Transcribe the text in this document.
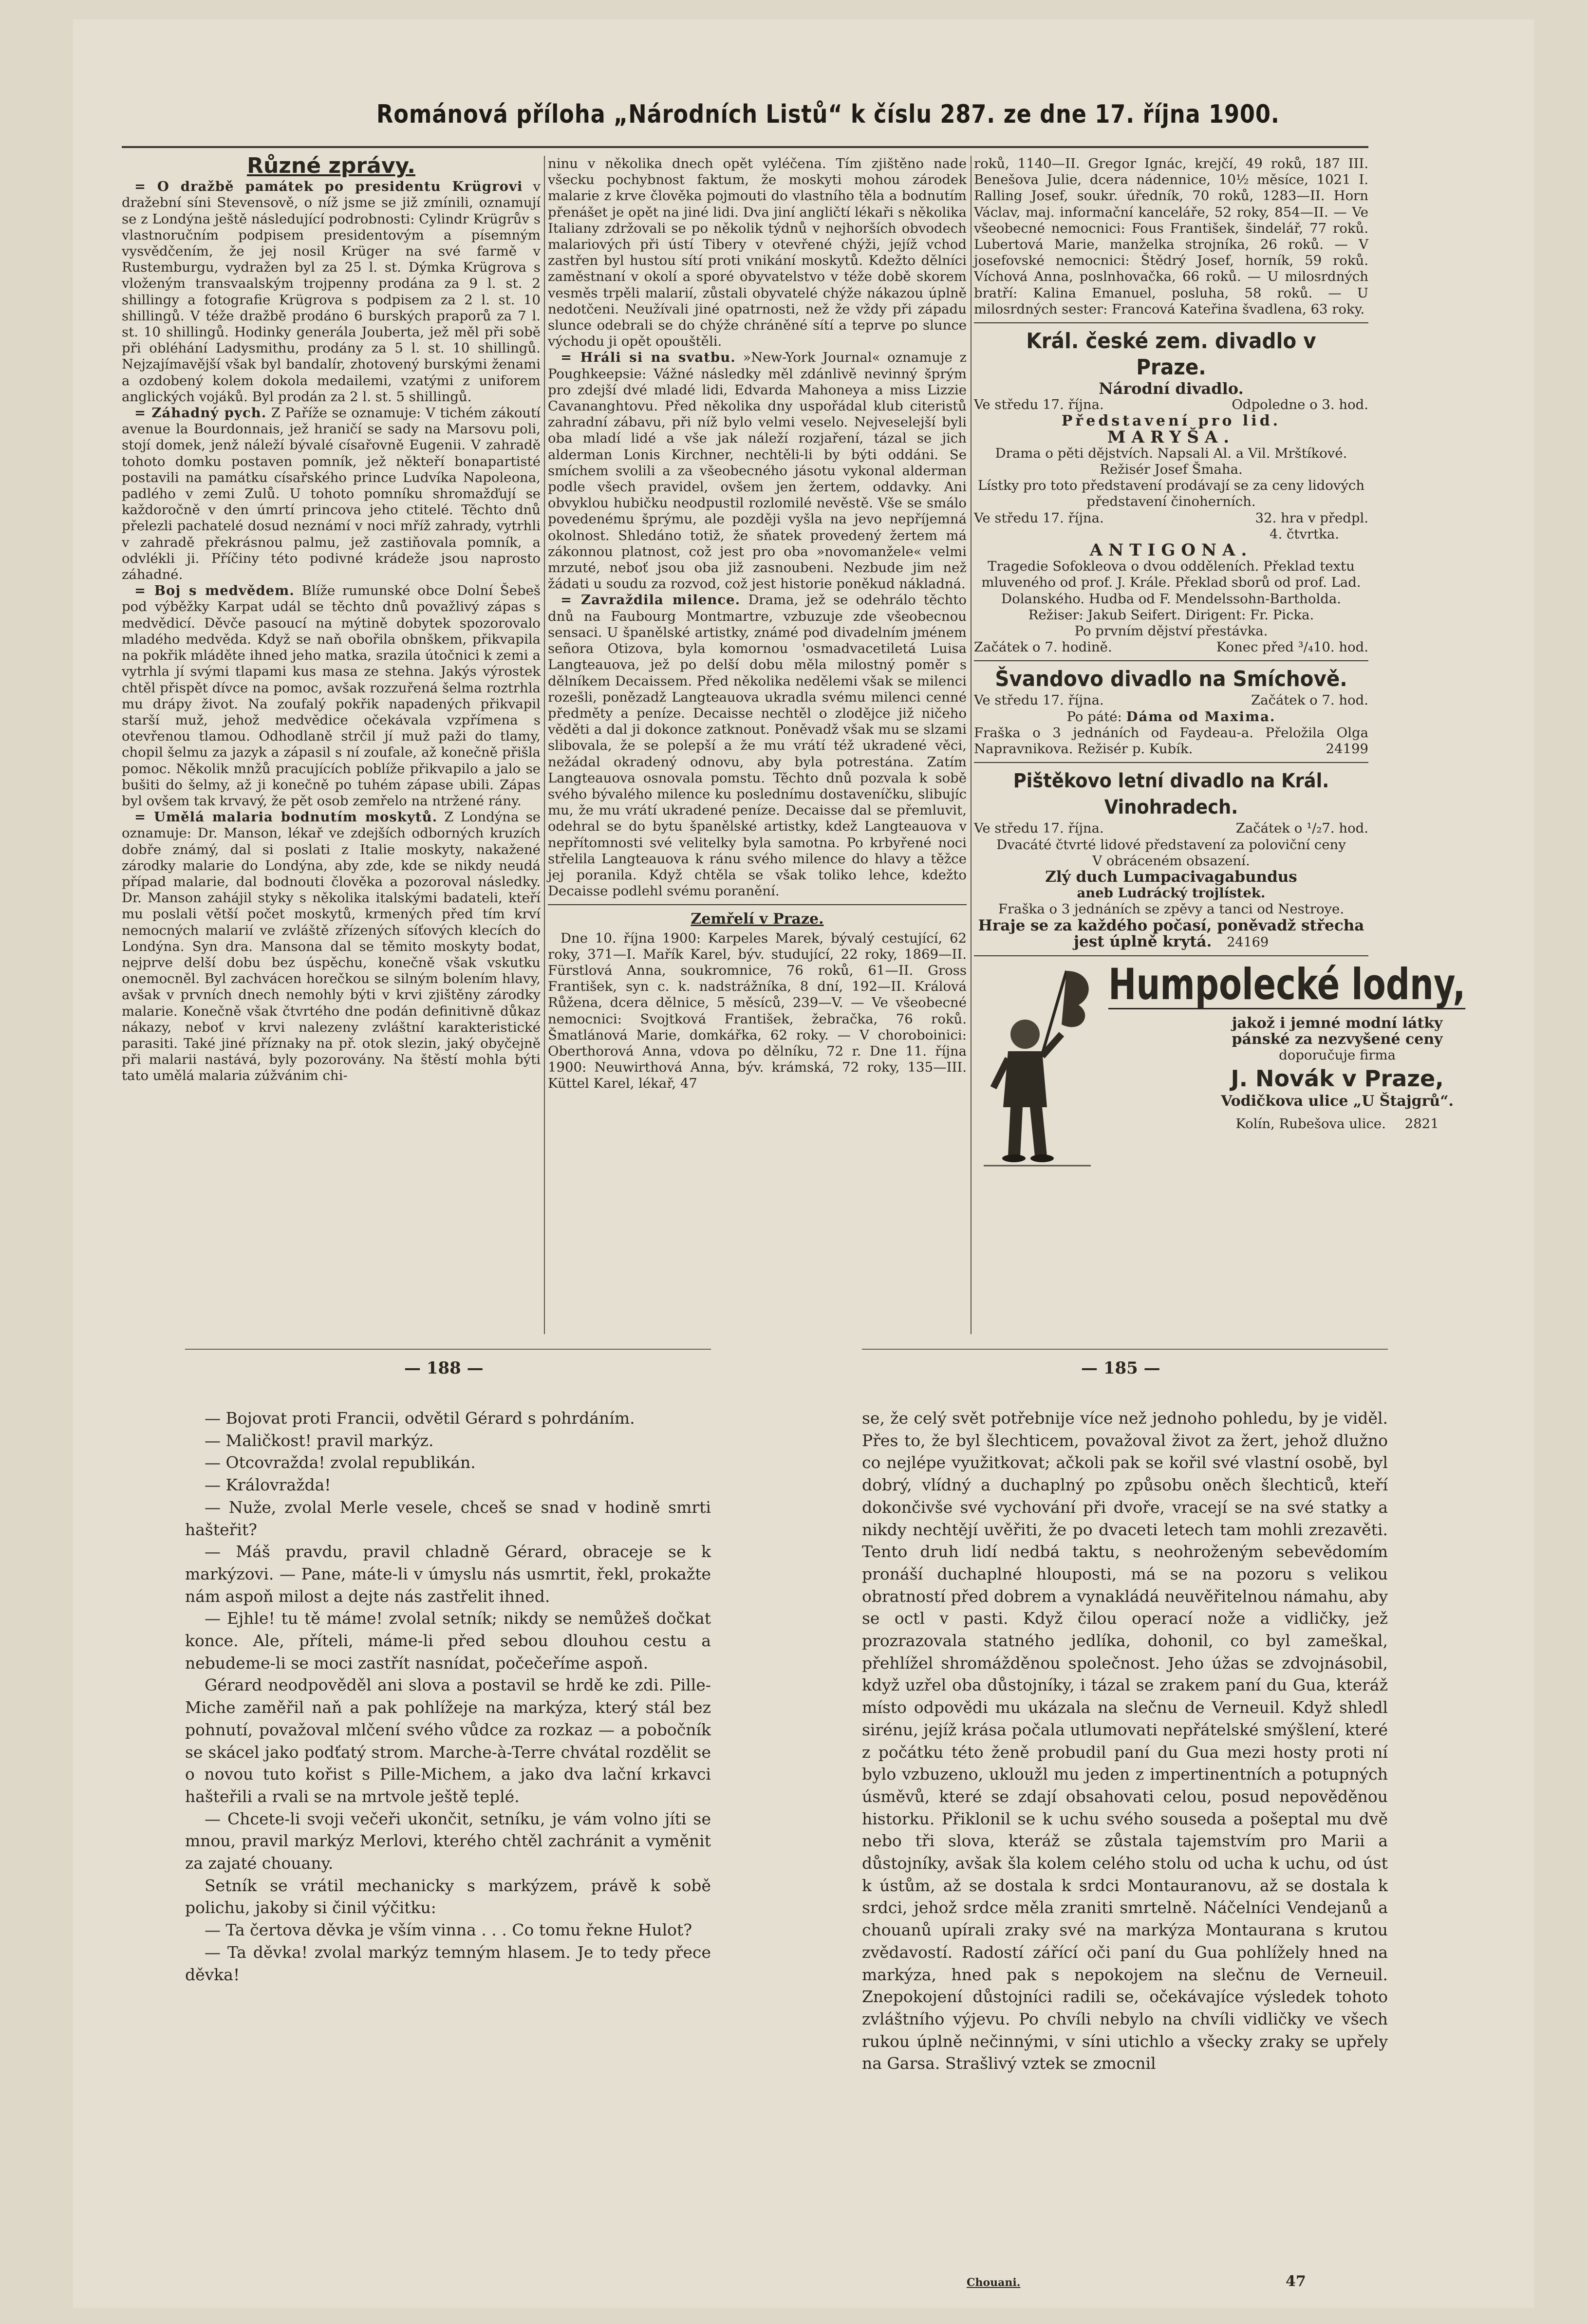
Románová příloha „Národních Listů“ k číslu 287. ze dne 17. října 1900.
Různé zprávy.

= O dražbě památek po presidentu Krügrovi v dražební síni Stevensově, o níž jsme se již zmínili, oznamují se z Londýna ještě následující podrobnosti: Cylindr Krügrův s vlastnoručním podpisem presidentovým a písemným vysvědčením, že jej nosil Krüger na své farmě v Rustemburgu, vydražen byl za 25 l. st. Dýmka Krügrova s vloženým transvaalským trojpenny prodána za 9 l. st. 2 shillingy a fotografie Krügrova s podpisem za 2 l. st. 10 shillingů. V téže dražbě prodáno 6 burských praporů za 7 l. st. 10 shillingů. Hodinky generála Jouberta, jež měl při sobě při obléhání Ladysmithu, prodány za 5 l. st. 10 shillingů. Nejzajímavější však byl bandalír, zhotovený burskými ženami a ozdobený kolem dokola medailemi, vzatými z uniforem anglických vojáků. Byl prodán za 2 l. st. 5 shillingů.

= Záhadný pych. Z Paříže se oznamuje: V tichém zákoutí avenue la Bourdonnais, jež hraničí se sady na Marsovu poli, stojí domek, jenž náleží bývalé císařovně Eugenii. V zahradě tohoto domku postaven pomník, jež někteří bonapartisté postavili na památku císařského prince Ludvíka Napoleona, padlého v zemi Zulů. U tohoto pomníku shromažďují se každoročně v den úmrtí princova jeho ctitelé. Těchto dnů přelezli pachatelé dosud neznámí v noci mříž zahrady, vytrhli v zahradě překrásnou palmu, jež zastiňovala pomník, a odvlékli ji. Příčiny této podivné krádeže jsou naprosto záhadné.

= Boj s medvědem. Blíže rumunské obce Dolní Šebeš pod výběžky Karpat udál se těchto dnů považlivý zápas s medvědicí. Děvče pasoucí na mýtině dobytek spozorovalo mladého medvěda. Když se naň obořila obnškem, přikvapila na pokřik mláděte ihned jeho matka, srazila útočnici k zemi a vytrhla jí svými tlapami kus masa ze stehna. Jakýs výrostek chtěl přispět dívce na pomoc, avšak rozzuřená šelma roztrhla mu drápy život. Na zoufalý pokřik napadených přikvapil starší muž, jehož medvědice očekávala vzpřímena s otevřenou tlamou. Odhodlaně strčil jí muž paži do tlamy, chopil šelmu za jazyk a zápasil s ní zoufale, až konečně přišla pomoc. Několik mnžů pracujících poblíže přikvapilo a jalo se bušiti do šelmy, až ji konečně po tuhém zápase ubili. Zápas byl ovšem tak krvavý, že pět osob zemřelo na ntržené rány.

= Umělá malaria bodnutím moskytů. Z Londýna se oznamuje: Dr. Manson, lékař ve zdejších odborných kruzích dobře známý, dal si poslati z Italie moskyty, nakažené zárodky malarie do Londýna, aby zde, kde se nikdy neudá případ malarie, dal bodnouti člověka a pozoroval následky. Dr. Manson zahájil styky s několika italskými badateli, kteří mu poslali větší počet moskytů, krmených před tím krví nemocných malarií ve zvláště zřízených síťových klecích do Londýna. Syn dra. Mansona dal se těmito moskyty bodat, nejprve delší dobu bez úspěchu, konečně však vskutku onemocněl. Byl zachvácen horečkou se silným bolením hlavy, avšak v prvních dnech nemohly býti v krvi zjištěny zárodky malarie. Konečně však čtvrtého dne podán definitivně důkaz nákazy, neboť v krvi nalezeny zvláštní karakteristické parasiti. Také jiné příznaky na př. otok slezin, jaký obyčejně při malarii nastává, byly pozorovány. Na štěstí mohla býti tato umělá malaria zúžvánim chi-

ninu v několika dnech opět vyléčena. Tím zjištěno nade všecku pochybnost faktum, že moskyti mohou zárodek malarie z krve člověka pojmouti do vlastního těla a bodnutím přenášet je opět na jiné lidi. Dva jiní angličtí lékaři s několika Italiany zdržovali se po několik týdnů v nejhorších obvodech malariových při ústí Tibery v otevřené chýži, jejíž vchod zastřen byl hustou sítí proti vnikání moskytů. Kdežto dělníci zaměstnaní v okolí a sporé obyvatelstvo v téže době skorem vesměs trpěli malarií, zůstali obyvatelé chýže nákazou úplně nedotčeni. Neužívali jiné opatrnosti, než že vždy při západu slunce odebrali se do chýže chráněné sítí a teprve po slunce východu ji opět opouštěli.

= Hráli si na svatbu. »New-York Journal« oznamuje z Poughkeepsie: Vážné následky měl zdánlivě nevinný šprým pro zdejší dvé mladé lidi, Edvarda Mahoneya a miss Lizzie Cavananghtovu. Před několika dny uspořádal klub citeristů zahradní zábavu, při níž bylo velmi veselo. Nejveselejší byli oba mladí lidé a vše jak náleží rozjaření, tázal se jich alderman Lonis Kirchner, nechtěli-li by býti oddáni. Se smíchem svolili a za všeobecného jásotu vykonal alderman podle všech pravidel, ovšem jen žertem, oddavky. Ani obvyklou hubičku neodpustil rozlomilé nevěstě. Vše se smálo povedenému šprýmu, ale později vyšla na jevo nepříjemná okolnost. Shledáno totiž, že sňatek provedený žertem má zákonnou platnost, což jest pro oba »novomanžele« velmi mrzuté, neboť jsou oba již zasnoubeni. Nezbude jim než žádati u soudu za rozvod, což jest historie poněkud nákladná.

= Zavraždila milence. Drama, jež se odehrálo těchto dnů na Faubourg Montmartre, vzbuzuje zde všeobecnou sensaci. U španělské artistky, známé pod divadelním jménem señora Otizova, byla komornou 'osmadvacetiletá Luisa Langteauova, jež po delší dobu měla milostný poměr s dělníkem Decaissem. Před několika nedělemi však se milenci rozešli, ponězadž Langteauova ukradla svému milenci cenné předměty a peníze. Decaisse nechtěl o zlodějce již ničeho věděti a dal ji dokonce zatknout. Poněvadž však mu se slzami slibovala, že se polepší a že mu vrátí též ukradené věci, nežádal okradený odnovu, aby byla potrestána. Zatím Langteauova osnovala pomstu. Těchto dnů pozvala k sobě svého bývalého milence ku poslednímu dostaveníčku, slibujíc mu, že mu vrátí ukradené peníze. Decaisse dal se přemluvit, odehral se do bytu španělské artistky, kdež Langteauova v nepřítomnosti své velitelky byla samotna. Po krbyřené noci střelila Langteauova k ránu svého milence do hlavy a těžce jej poranila. Když chtěla se však toliko lehce, kdežto Decaisse podlehl svému poranění.

Zemřelí v Praze.

Dne 10. října 1900: Karpeles Marek, bývalý cestující, 62 roky, 371—I. Mařík Karel, býv. studující, 22 roky, 1869—II. Fürstlová Anna, soukromnice, 76 roků, 61—II. Gross František, syn c. k. nadstrážníka, 8 dní, 192—II. Králová Růžena, dcera dělnice, 5 měsíců, 239—V. — Ve všeobecné nemocnici: Svojtková František, žebračka, 76 roků. Šmatlánová Marie, domkářka, 62 roky. — V choroboinici: Oberthorová Anna, vdova po dělníku, 72 r. Dne 11. října 1900: Neuwirthová Anna, býv. krámská, 72 roky, 135—III. Küttel Karel, lékař, 47

roků, 1140—II. Gregor Ignác, krejčí, 49 roků, 187 III. Benešova Julie, dcera nádennice, 10½ měsíce, 1021 I. Ralling Josef, soukr. úředník, 70 roků, 1283—II. Horn Václav, maj. informační kanceláře, 52 roky, 854—II. — Ve všeobecné nemocnici: Fous František, šindelář, 77 roků. Lubertová Marie, manželka strojníka, 26 roků. — V josefovské nemocnici: Štědrý Josef, horník, 59 roků. Víchová Anna, poslnhovačka, 66 roků. — U milosrdných bratří: Kalina Emanuel, posluha, 58 roků. — U milosrdných sester: Francová Kateřina švadlena, 63 roky.

Král. české zem. divadlo v Praze.
Národní divadlo.
Ve středu 17. října.	Odpoledne o 3. hod.
Představení pro lid.
MARYŠA.
Drama o pěti dějstvích. Napsali Al. a Vil. Mrštíkové.
Režisér Josef Šmaha.
Lístky pro toto představení prodávají se za ceny lidových představení činoherních.
Ve středu 17. října.	32. hra v předpl.
4. čtvrtka.
ANTIGONA.
Tragedie Sofokleova o dvou odděleních. Překlad textu mluveného od prof. J. Krále. Překlad sborů od prof. Lad. Dolanského. Hudba od F. Mendelssohn-Bartholda.
Režiser: Jakub Seifert. Dirigent: Fr. Picka.
Po prvním dějství přestávka.
Začátek o 7. hodině.	Konec před ³/₄10. hod.
Švandovo divadlo na Smíchově.
Ve středu 17. října.	Začátek o 7. hod.
Po páté: Dáma od Maxima.

Fraška o 3 jednáních od Faydeau-a. Přeložila Olga Napravnikova. Režisér p. Kubík.	24199

Pištěkovo letní divadlo na Král. Vinohradech.
Ve středu 17. října.	Začátek o ¹/₂7. hod.
Dvacáté čtvrté lidové představení za poloviční ceny
V obráceném obsazení.
Zlý duch Lumpacivagabundus
aneb Ludrácký trojlístek.
Fraška o 3 jednáních se zpěvy a tanci od Nestroye.
Hraje se za každého počasí, poněvadž střecha jest úplně krytá. 24169
Humpolecké lodny,
jakož i jemné modní látky
pánské za nezvyšené ceny
doporučuje firma
J. Novák v Praze,
Vodičkova ulice „U Štajgrů“.
Kolín, Rubešova ulice. 2821
— 188 —	— 185 —

— Bojovat proti Francii, odvětil Gérard s pohrdáním.

— Maličkost! pravil markýz.

— Otcovražda! zvolal republikán.

— Královražda!

— Nuže, zvolal Merle vesele, chceš se snad v hodině smrti hašteřit?

— Máš pravdu, pravil chladně Gérard, obraceje se k markýzovi. — Pane, máte-li v úmyslu nás usmrtit, řekl, prokažte nám aspoň milost a dejte nás zastřelit ihned.

— Ejhle! tu tě máme! zvolal setník; nikdy se nemůžeš dočkat konce. Ale, příteli, máme-li před sebou dlouhou cestu a nebudeme-li se moci zastřít nasnídat, počečeříme aspoň.

Gérard neodpověděl ani slova a postavil se hrdě ke zdi. Pille-Miche zaměřil naň a pak pohlížeje na markýza, který stál bez pohnutí, považoval mlčení svého vůdce za rozkaz — a pobočník se skácel jako podťatý strom. Marche-à-Terre chvátal rozdělit se o novou tuto kořist s Pille-Michem, a jako dva lační krkavci hašteřili a rvali se na mrtvole ještě teplé.

— Chcete-li svoji večeři ukončit, setníku, je vám volno jíti se mnou, pravil markýz Merlovi, kterého chtěl zachránit a vyměnit za zajaté chouany.

Setník se vrátil mechanicky s markýzem, právě k sobě polichu, jakoby si činil výčitku:

— Ta čertova děvka je vším vinna . . . Co tomu řekne Hulot?

— Ta děvka! zvolal markýz temným hlasem. Je to tedy přece děvka!

se, že celý svět potřebnije více než jednoho pohledu, by je viděl. Přes to, že byl šlechticem, považoval život za žert, jehož dlužno co nejlépe využitkovat; ačkoli pak se kořil své vlastní osobě, byl dobrý, vlídný a duchaplný po způsobu oněch šlechticů, kteří dokončivše své vychování při dvoře, vracejí se na své statky a nikdy nechtějí uvěřiti, že po dvaceti letech tam mohli zrezavěti. Tento druh lidí nedbá taktu, s neohroženým sebevědomím pronáší duchaplné hlouposti, má se na pozoru s velikou obratností před dobrem a vynakládá neuvěřitelnou námahu, aby se octl v pasti. Když čilou operací nože a vidličky, jež prozrazovala statného jedlíka, dohonil, co byl zameškal, přehlížel shromážděnou společnost. Jeho úžas se zdvojnásobil, když uzřel oba důstojníky, i tázal se zrakem paní du Gua, kteráž místo odpovědi mu ukázala na slečnu de Verneuil. Když shledl sirénu, jejíž krása počala utlumovati nepřátelské smýšlení, které z počátku této ženě probudil paní du Gua mezi hosty proti ní bylo vzbuzeno, ukloužl mu jeden z impertinentních a potupných úsměvů, které se zdají obsahovati celou, posud nepověděnou historku. Přiklonil se k uchu svého souseda a pošeptal mu dvě nebo tři slova, kteráž se zůstala tajemstvím pro Marii a důstojníky, avšak šla kolem celého stolu od ucha k uchu, od úst k ústům, až se dostala k srdci Montauranovu, až se dostala k srdci, jehož srdce měla zraniti smrtelně. Náčelníci Vendejanů a chouanů upírali zraky své na markýza Montaurana s krutou zvědavostí. Radostí zářící oči paní du Gua pohlížely hned na markýza, hned pak s nepokojem na slečnu de Verneuil. Znepokojení důstojníci radili se, očekávajíce výsledek tohoto zvláštního výjevu. Po chvíli nebylo na chvíli vidličky ve všech rukou úplně nečinnými, v síni utichlo a všecky zraky se upřely na Garsa. Strašlivý vztek se zmocnil

Chouani.	47
